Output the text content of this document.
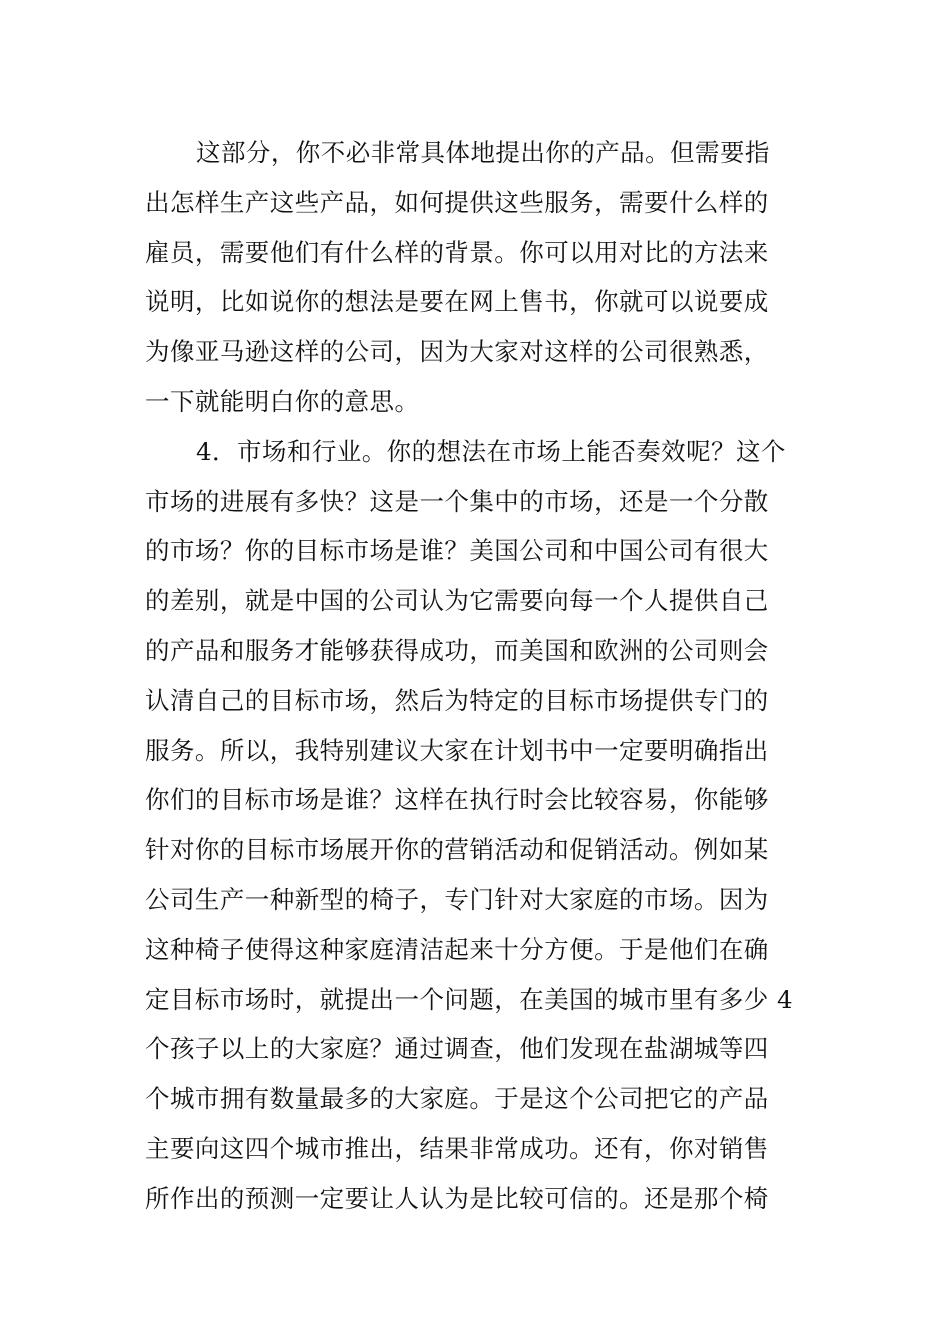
这部分，你不必非常具体地提出你的产品。但需要指
出怎样生产这些产品，如何提供这些服务，需要什么样的
雇员，需要他们有什么样的背景。你可以用对比的方法来
说明，比如说你的想法是要在网上售书，你就可以说要成
为像亚马逊这样的公司，因为大家对这样的公司很熟悉，
一下就能明白你的意思。
4．市场和行业。你的想法在市场上能否奏效呢？这个
市场的进展有多快？这是一个集中的市场，还是一个分散
的市场？你的目标市场是谁？美国公司和中国公司有很大
的差别，就是中国的公司认为它需要向每一个人提供自己
的产品和服务才能够获得成功，而美国和欧洲的公司则会
认清自己的目标市场，然后为特定的目标市场提供专门的
服务。所以，我特别建议大家在计划书中一定要明确指出
你们的目标市场是谁？这样在执行时会比较容易，你能够
针对你的目标市场展开你的营销活动和促销活动。例如某
公司生产一种新型的椅子，专门针对大家庭的市场。因为
这种椅子使得这种家庭清洁起来十分方便。于是他们在确
定目标市场时，就提出一个问题，在美国的城市里有多少 4
个孩子以上的大家庭？通过调查，他们发现在盐湖城等四
个城市拥有数量最多的大家庭。于是这个公司把它的产品
主要向这四个城市推出，结果非常成功。还有，你对销售
所作出的预测一定要让人认为是比较可信的。还是那个椅
